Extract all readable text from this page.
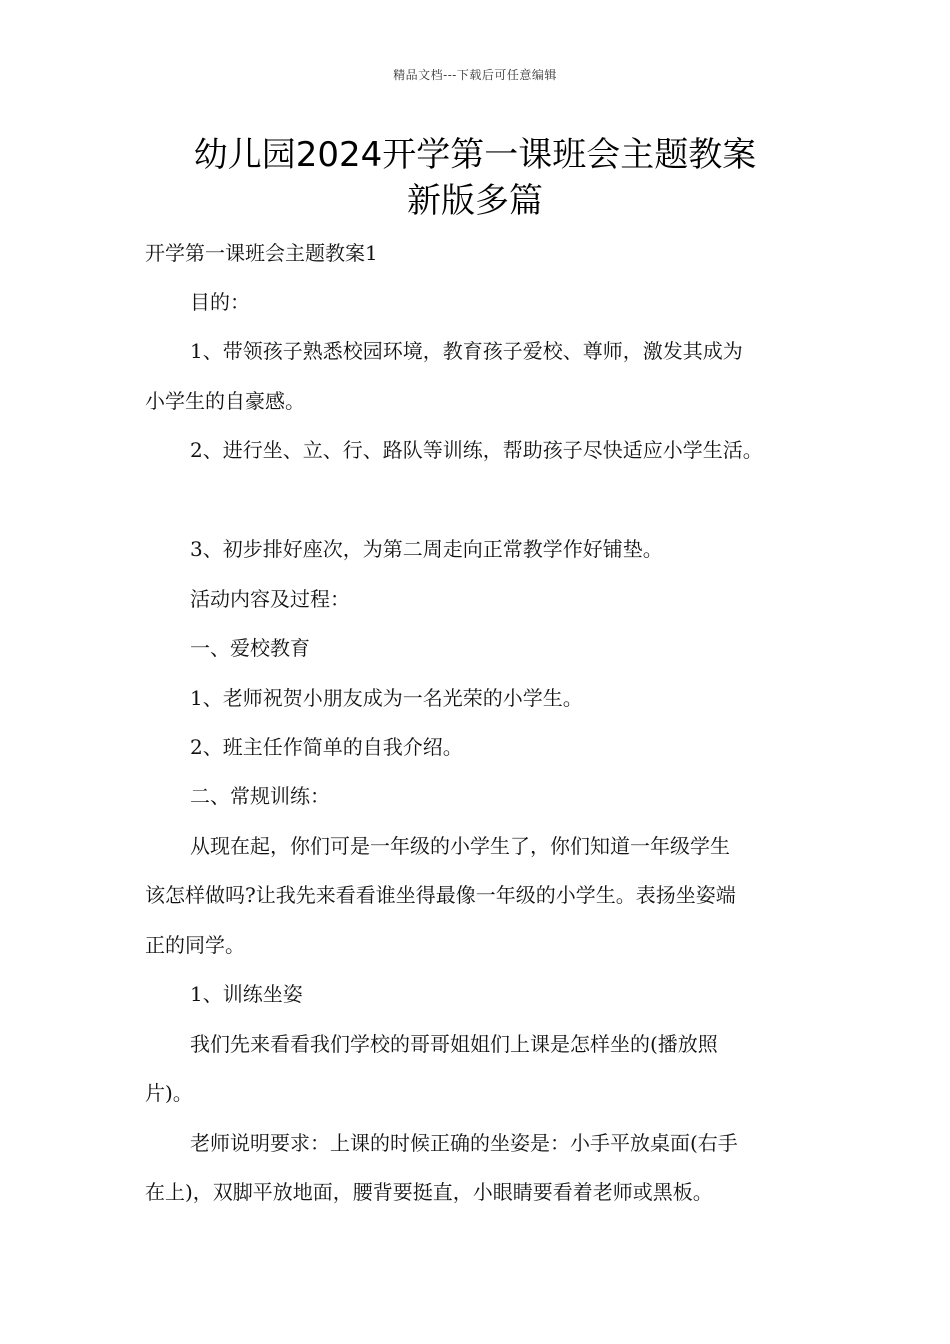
精品文档---下载后可任意编辑
幼儿园2024开学第一课班会主题教案
新版多篇

开学第一课班会主题教案1

目的：

1、带领孩子熟悉校园环境，教育孩子爱校、尊师，激发其成为

小学生的自豪感。

2、进行坐、立、行、路队等训练，帮助孩子尽快适应小学生活。

3、初步排好座次，为第二周走向正常教学作好铺垫。

活动内容及过程：

一、爱校教育

1、老师祝贺小朋友成为一名光荣的小学生。

2、班主任作简单的自我介绍。

二、常规训练：

从现在起，你们可是一年级的小学生了，你们知道一年级学生

该怎样做吗?让我先来看看谁坐得最像一年级的小学生。表扬坐姿端

正的同学。

1、训练坐姿

我们先来看看我们学校的哥哥姐姐们上课是怎样坐的(播放照

片)。

老师说明要求：上课的时候正确的坐姿是：小手平放桌面(右手

在上)，双脚平放地面，腰背要挺直，小眼睛要看着老师或黑板。
